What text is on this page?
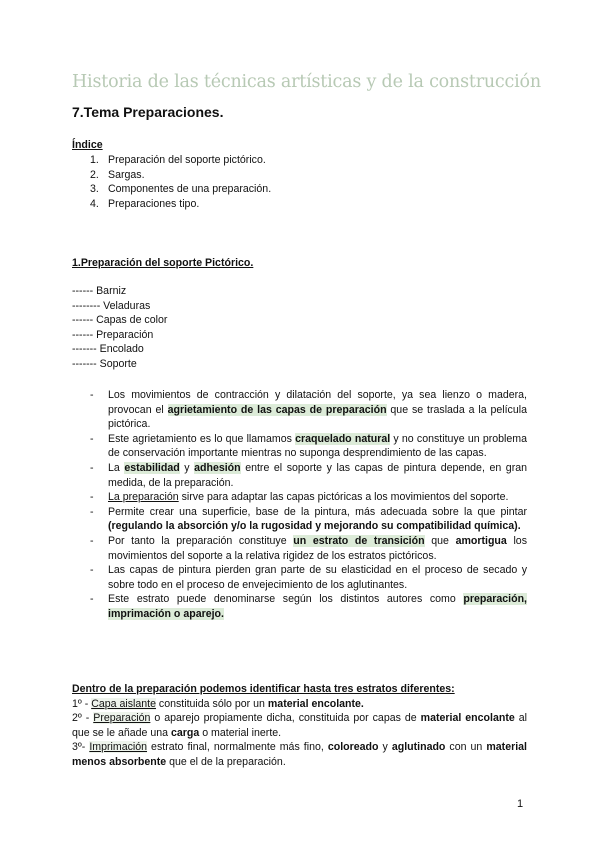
Historia de las técnicas artísticas y de la construcción
7.Tema Preparaciones.
Índice
1. Preparación del soporte pictórico.
2. Sargas.
3. Componentes de una preparación.
4. Preparaciones tipo.
1.Preparación del soporte Pictórico.
------ Barniz
-------- Veladuras
------ Capas de color
------ Preparación
------- Encolado
------- Soporte
- Los movimientos de contracción y dilatación del soporte, ya sea lienzo o madera, provocan el agrietamiento de las capas de preparación que se traslada a la película pictórica.
- Este agrietamiento es lo que llamamos craquelado natural y no constituye un problema de conservación importante mientras no suponga desprendimiento de las capas.
- La estabilidad y adhesión entre el soporte y las capas de pintura depende, en gran medida, de la preparación.
- La preparación sirve para adaptar las capas pictóricas a los movimientos del soporte.
- Permite crear una superficie, base de la pintura, más adecuada sobre la que pintar (regulando la absorción y/o la rugosidad y mejorando su compatibilidad química).
- Por tanto la preparación constituye un estrato de transición que amortigua los movimientos del soporte a la relativa rigidez de los estratos pictóricos.
- Las capas de pintura pierden gran parte de su elasticidad en el proceso de secado y sobre todo en el proceso de envejecimiento de los aglutinantes.
- Este estrato puede denominarse según los distintos autores como preparación, imprimación o aparejo.
Dentro de la preparación podemos identificar hasta tres estratos diferentes:

1º - Capa aislante constituida sólo por un material encolante.

2º - Preparación o aparejo propiamente dicha, constituida por capas de material encolante al que se le añade una carga o material inerte.

3º- Imprimación estrato final, normalmente más fino, coloreado y aglutinado con un material menos absorbente que el de la preparación.

1
